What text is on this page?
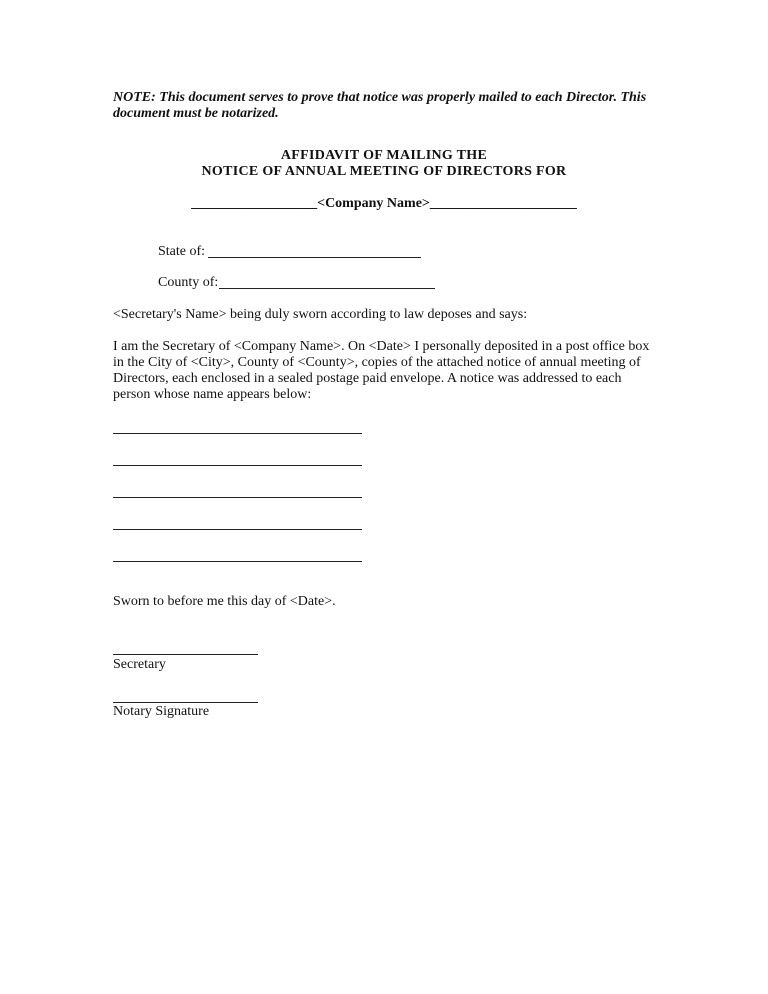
NOTE: This document serves to prove that notice was properly mailed to each Director. This document must be notarized.
AFFIDAVIT OF MAILING THE
NOTICE OF ANNUAL MEETING OF DIRECTORS FOR
__________________<Company Name>_____________________
State of:
County of:
<Secretary's Name> being duly sworn according to law deposes and says:
I am the Secretary of <Company Name>. On <Date> I personally deposited in a post office box in the City of <City>, County of <County>, copies of the attached notice of annual meeting of Directors, each enclosed in a sealed postage paid envelope. A notice was addressed to each person whose name appears below:
Sworn to before me this day of <Date>.
Secretary
Notary Signature
